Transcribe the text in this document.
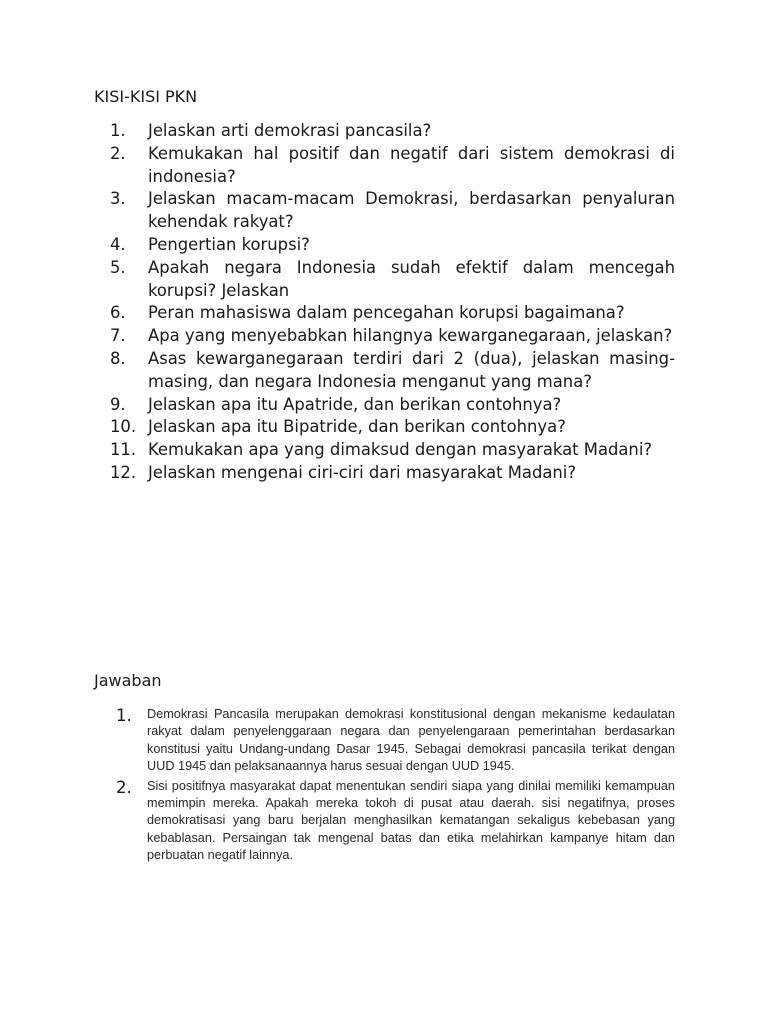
KISI-KISI PKN
1.	Jelaskan arti demokrasi pancasila?
2.	Kemukakan hal positif dan negatif dari sistem demokrasi di indonesia?
3.	Jelaskan macam-macam Demokrasi, berdasarkan penyaluran kehendak rakyat?
4.	Pengertian korupsi?
5.	Apakah negara Indonesia sudah efektif dalam mencegah korupsi? Jelaskan
6.	Peran mahasiswa dalam pencegahan korupsi bagaimana?
7.	Apa yang menyebabkan hilangnya kewarganegaraan, jelaskan?
8.	Asas kewarganegaraan terdiri dari 2 (dua), jelaskan masing-masing, dan negara Indonesia menganut yang mana?
9.	Jelaskan apa itu Apatride, dan berikan contohnya?
10. Jelaskan apa itu Bipatride, dan berikan contohnya?
11. Kemukakan apa yang dimaksud dengan masyarakat Madani?
12. Jelaskan mengenai ciri-ciri dari masyarakat Madani?
Jawaban
1. Demokrasi Pancasila merupakan demokrasi konstitusional dengan mekanisme kedaulatan rakyat dalam penyelenggaraan negara dan penyelengaraan pemerintahan berdasarkan konstitusi yaitu Undang-undang Dasar 1945. Sebagai demokrasi pancasila terikat dengan UUD 1945 dan pelaksanaannya harus sesuai dengan UUD 1945.
2. Sisi positifnya masyarakat dapat menentukan sendiri siapa yang dinilai memiliki kemampuan memimpin mereka. Apakah mereka tokoh di pusat atau daerah. sisi negatifnya, proses demokratisasi yang baru berjalan menghasilkan kematangan sekaligus kebebasan yang kebablasan. Persaingan tak mengenal batas dan etika melahirkan kampanye hitam dan perbuatan negatif lainnya.
